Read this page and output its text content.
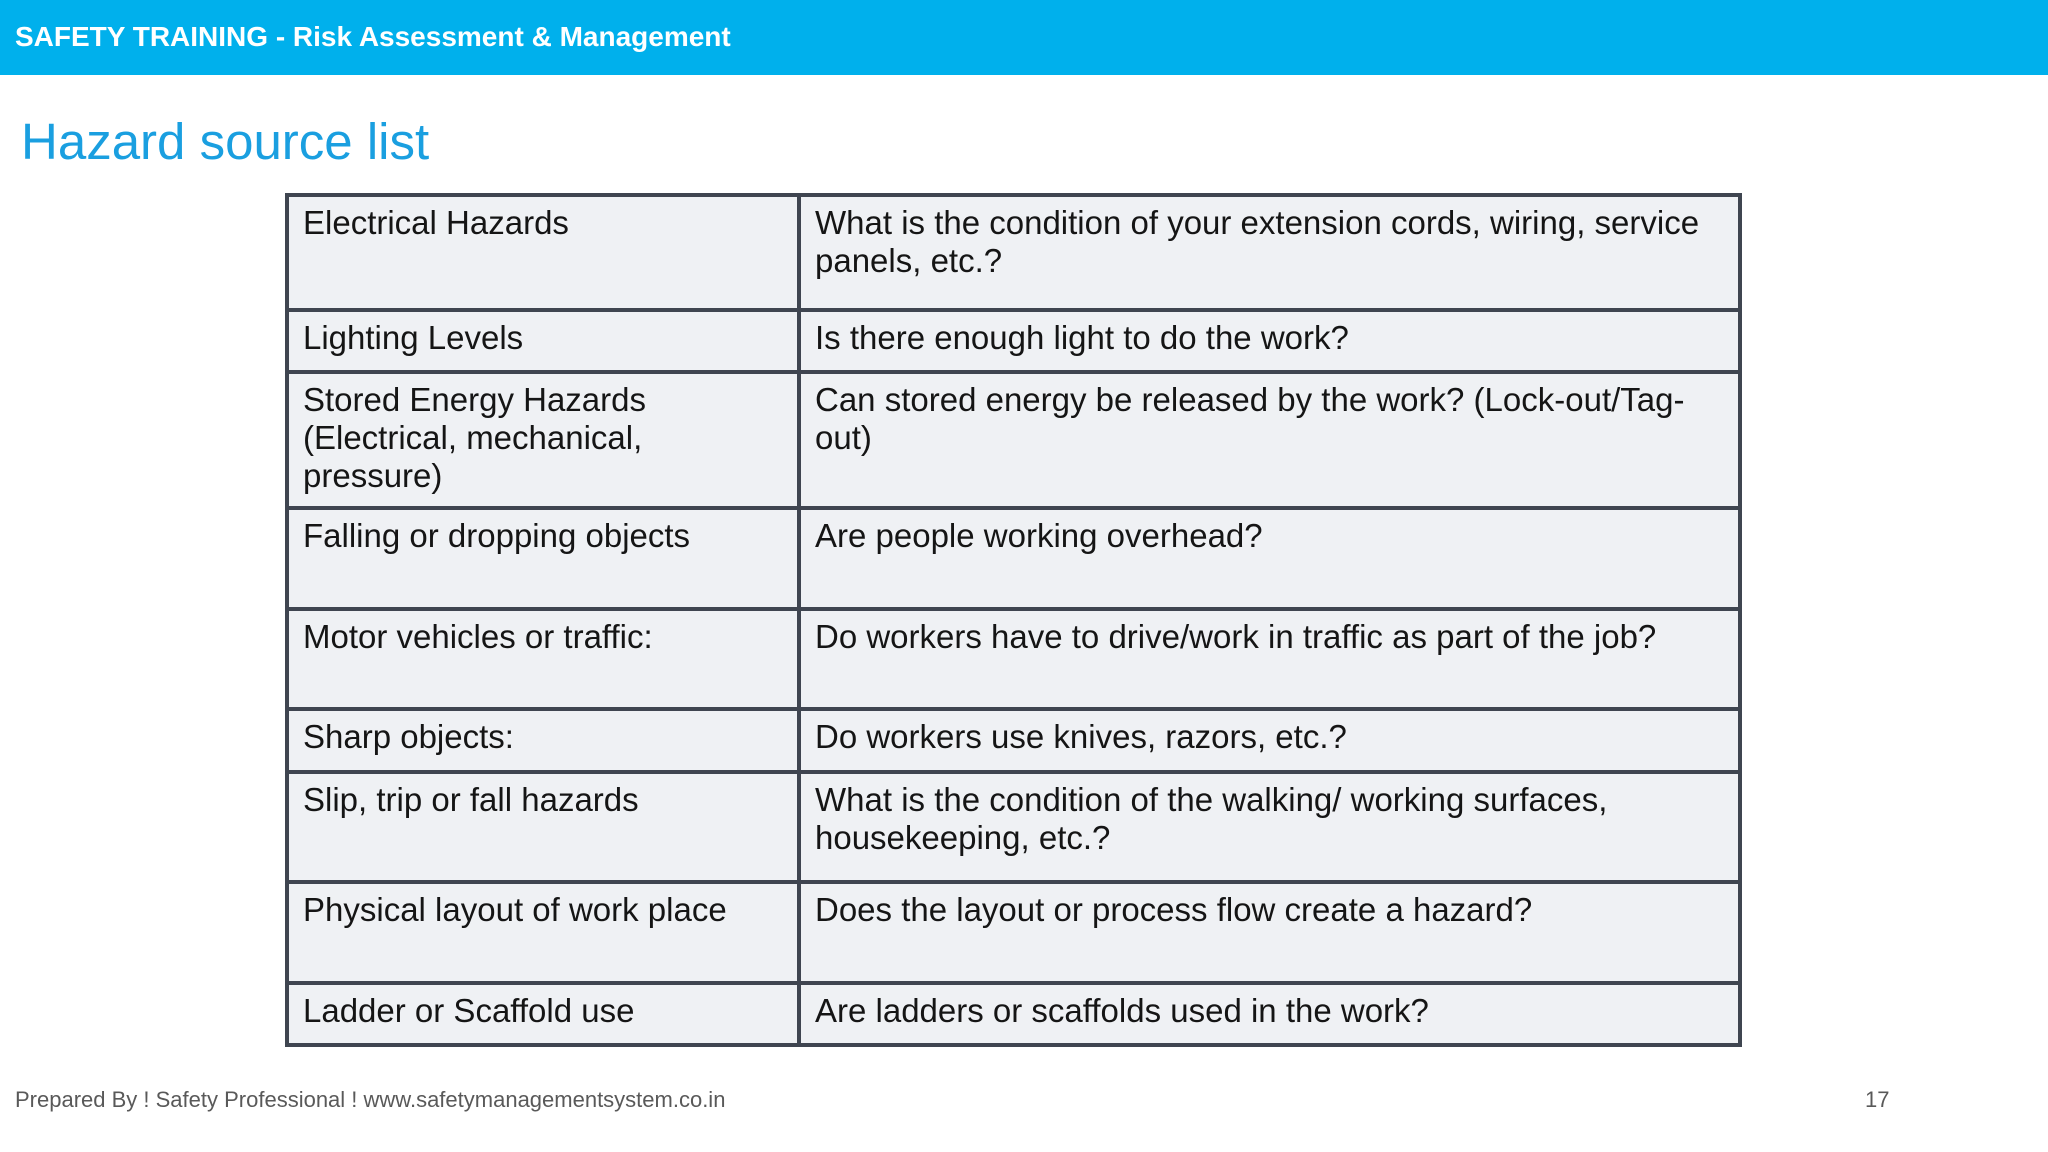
SAFETY TRAINING - Risk Assessment & Management
Hazard source list
Electrical Hazards	What is the condition of your extension cords, wiring, service panels, etc.?
Lighting Levels	Is there enough light to do the work?
Stored Energy Hazards (Electrical, mechanical, pressure)	Can stored energy be released by the work? (Lock-out/Tag-out)
Falling or dropping objects	Are people working overhead?
Motor vehicles or traffic:	Do workers have to drive/work in traffic as part of the job?
Sharp objects:	Do workers use knives, razors, etc.?
Slip, trip or fall hazards	What is the condition of the walking/ working surfaces, housekeeping, etc.?
Physical layout of work place	Does the layout or process flow create a hazard?
Ladder or Scaffold use	Are ladders or scaffolds used in the work?
Prepared By ! Safety Professional ! www.safetymanagementsystem.co.in	17
